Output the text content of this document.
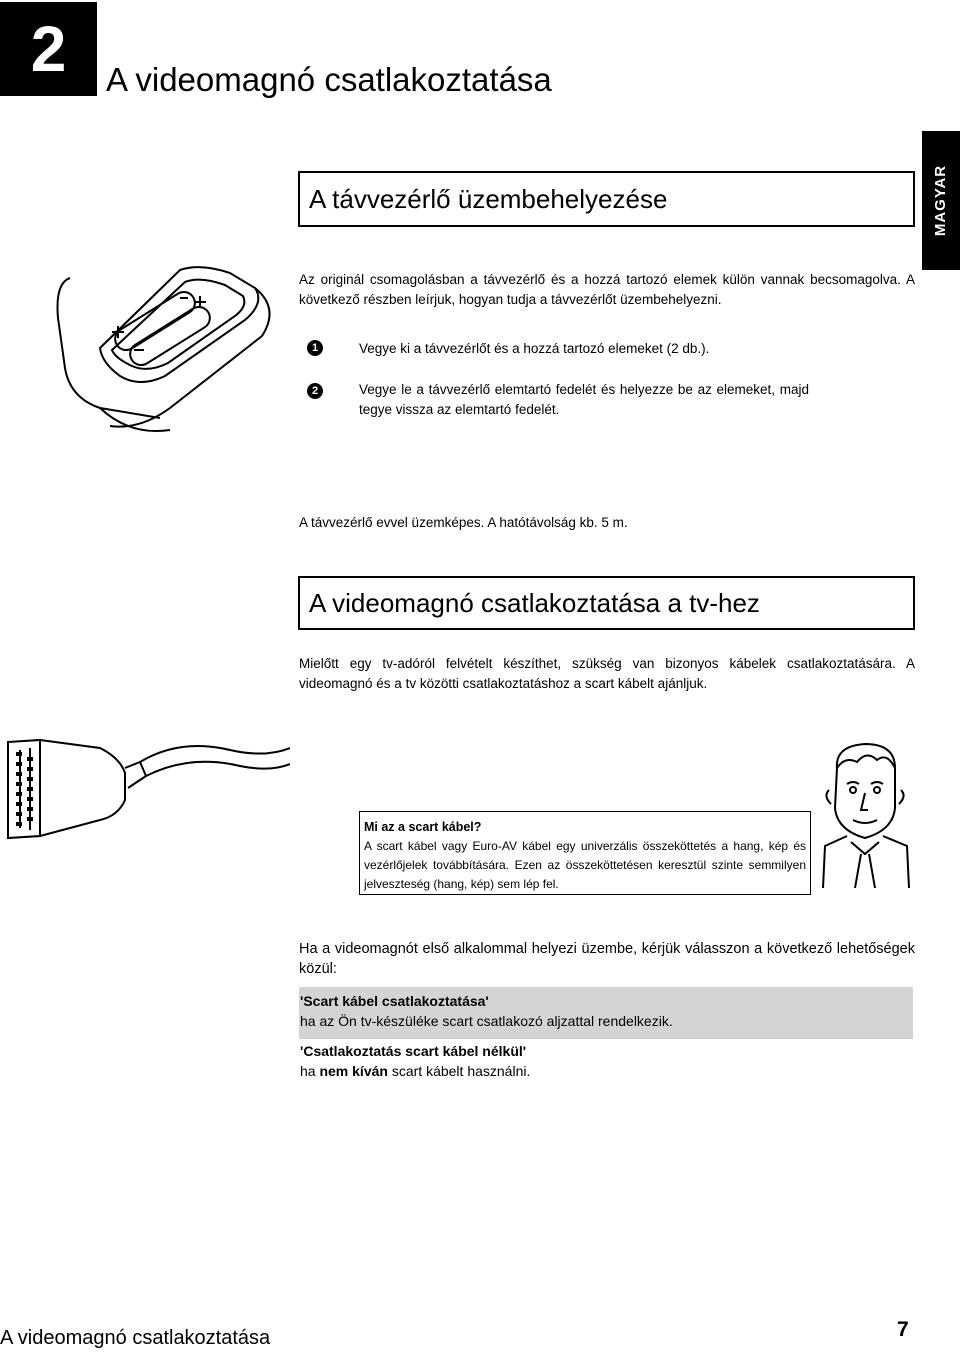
2	A videomagnó csatlakoztatása
MAGYAR
A távvezérlő üzembehelyezése
Az originál csomagolásban a távvezérlő és a hozzá tartozó elemek külön vannak becsomagolva. A következő részben leírjuk, hogyan tudja a távvezérlőt üzembehelyezni.
1	Vegye ki a távvezérlőt és a hozzá tartozó elemeket (2 db.).
2	Vegye le a távvezérlő elemtartó fedelét és helyezze be az elemeket, majd tegye vissza az elemtartó fedelét.
A távvezérlő evvel üzemképes. A hatótávolság kb. 5 m.
A videomagnó csatlakoztatása a tv-hez
Mielőtt egy tv-adóról felvételt készíthet, szükség van bizonyos kábelek csatlakoztatására. A videomagnó és a tv közötti csatlakoztatáshoz a scart kábelt ajánljuk.
Mi az a scart kábel?
A scart kábel vagy Euro-AV kábel egy univerzális összeköttetés a hang, kép és vezérlőjelek továbbítására. Ezen az összeköttetésen keresztül szinte semmilyen jelveszteség (hang, kép) sem lép fel.
Ha a videomagnót első alkalommal helyezi üzembe, kérjük válasszon a következő lehetőségek közül:
'Scart kábel csatlakoztatása'
ha az Ön tv-készüléke scart csatlakozó aljzattal rendelkezik.
'Csatlakoztatás scart kábel nélkül'
ha nem kíván scart kábelt használni.
A videomagnó csatlakoztatása	7
